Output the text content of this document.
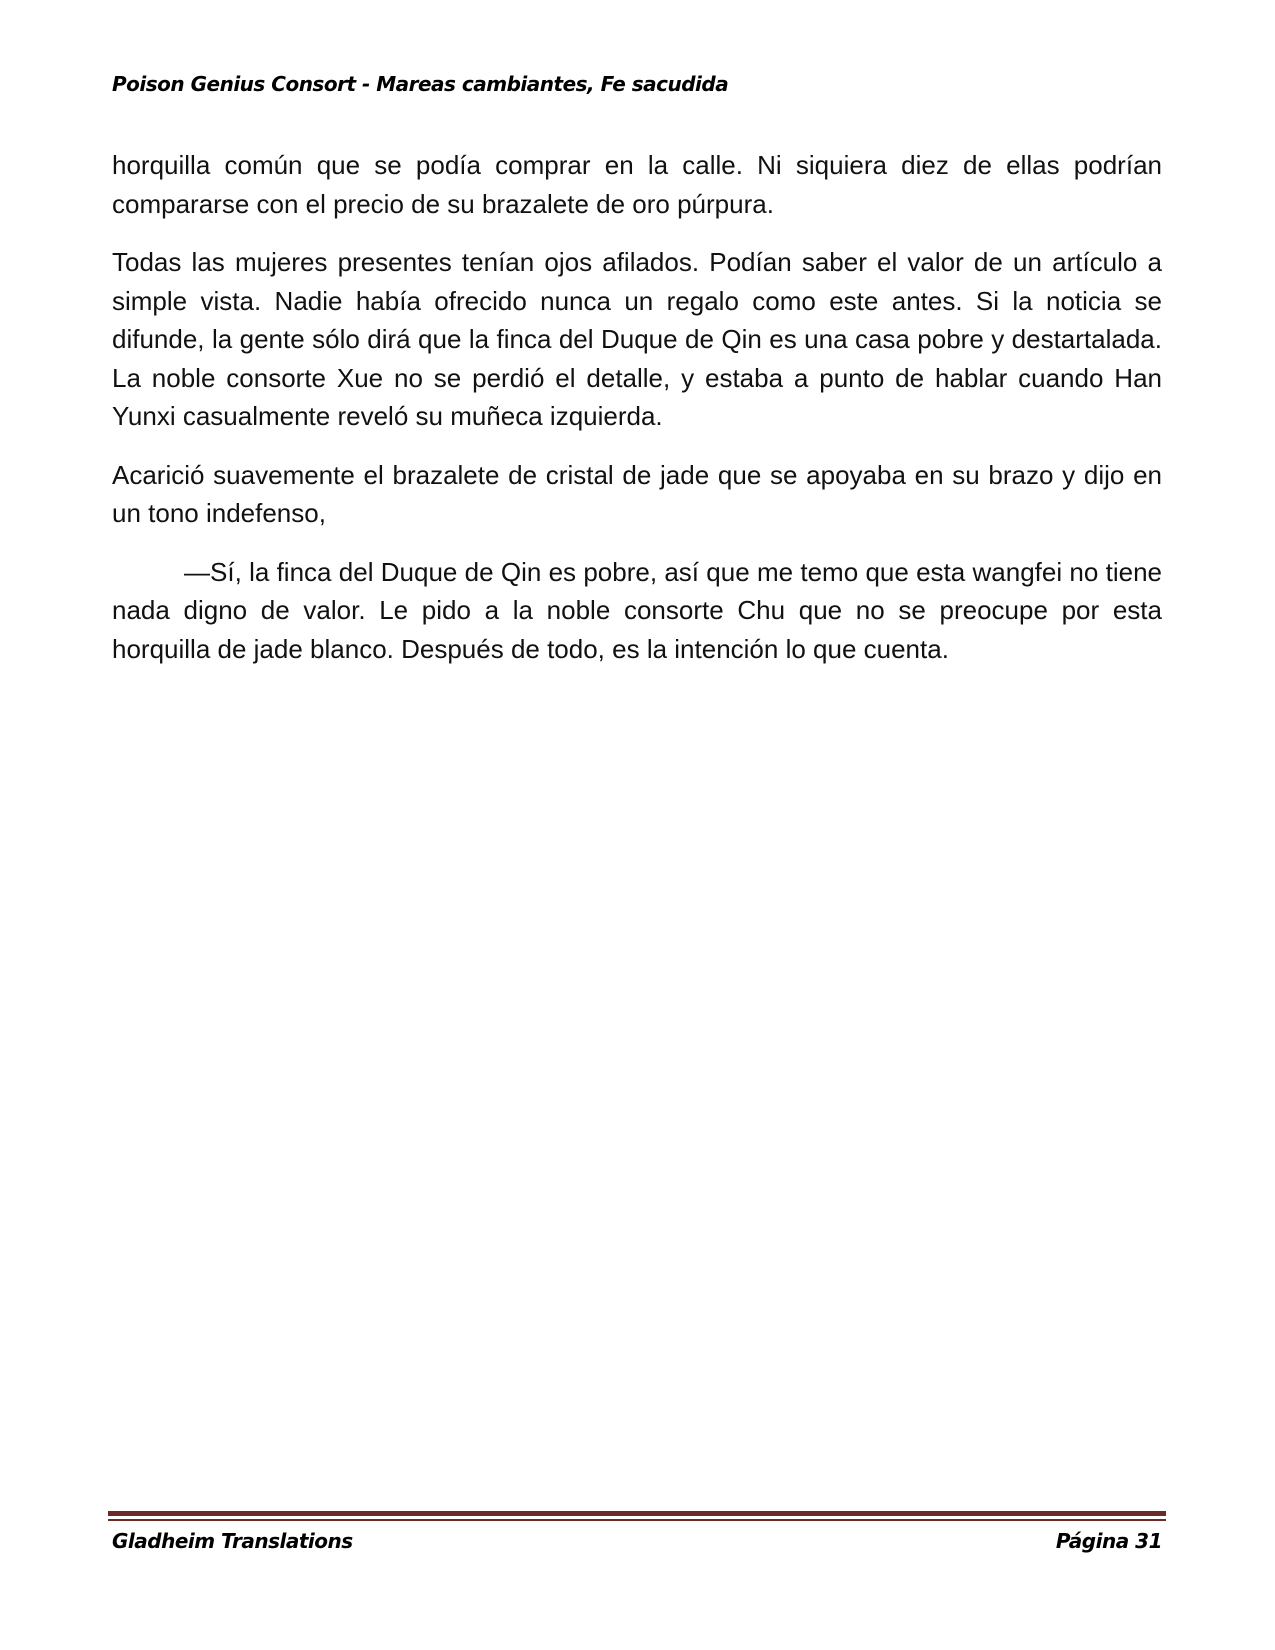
Poison Genius Consort - Mareas cambiantes, Fe sacudida

horquilla común que se podía comprar en la calle. Ni siquiera diez de ellas podrían compararse con el precio de su brazalete de oro púrpura.

Todas las mujeres presentes tenían ojos afilados. Podían saber el valor de un artículo a simple vista. Nadie había ofrecido nunca un regalo como este antes. Si la noticia se difunde, la gente sólo dirá que la finca del Duque de Qin es una casa pobre y destartalada. La noble consorte Xue no se perdió el detalle, y estaba a punto de hablar cuando Han Yunxi casualmente reveló su muñeca izquierda.

Acarició suavemente el brazalete de cristal de jade que se apoyaba en su brazo y dijo en un tono indefenso,

—Sí, la finca del Duque de Qin es pobre, así que me temo que esta wangfei no tiene nada digno de valor. Le pido a la noble consorte Chu que no se preocupe por esta horquilla de jade blanco. Después de todo, es la intención lo que cuenta.

Gladheim Translations	Página 31
